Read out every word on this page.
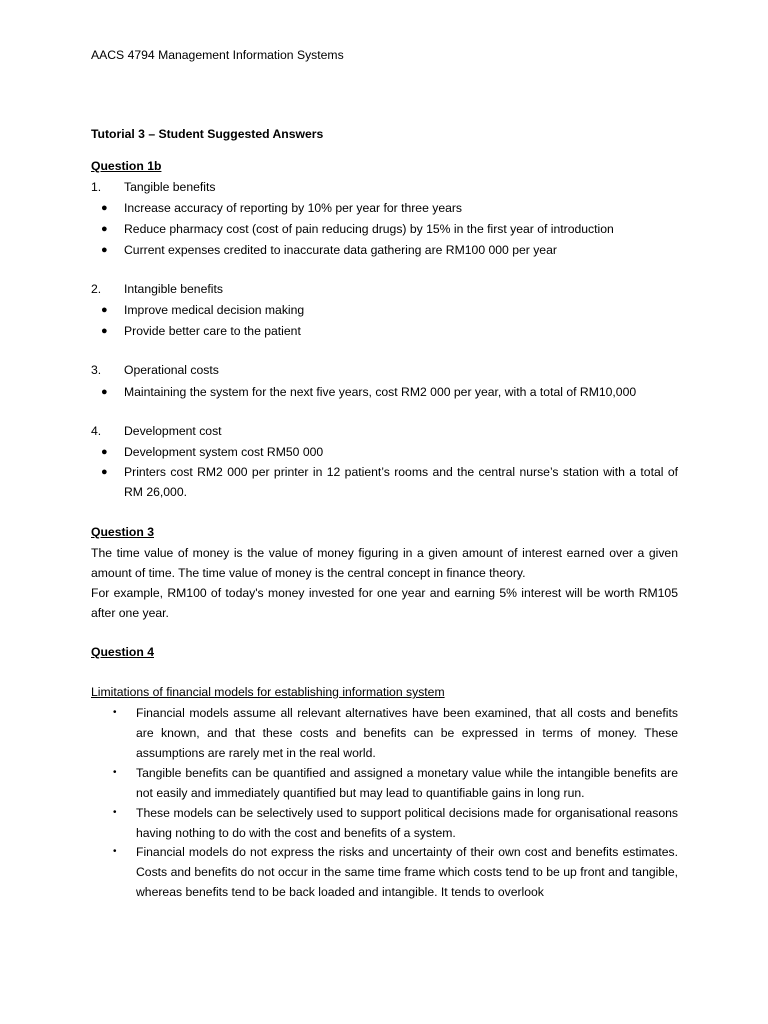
AACS 4794 Management Information Systems
Tutorial 3 – Student Suggested Answers
Question 1b
1. Tangible benefits
● Increase accuracy of reporting by 10% per year for three years
● Reduce pharmacy cost (cost of pain reducing drugs) by 15% in the first year of introduction
● Current expenses credited to inaccurate data gathering are RM100 000 per year
2. Intangible benefits
● Improve medical decision making
● Provide better care to the patient
3. Operational costs
● Maintaining the system for the next five years, cost RM2 000 per year, with a total of RM10,000
4. Development cost
● Development system cost RM50 000
● Printers cost RM2 000 per printer in 12 patient’s rooms and the central nurse’s station with a total of RM 26,000.
Question 3
The time value of money is the value of money figuring in a given amount of interest earned over a given amount of time. The time value of money is the central concept in finance theory.
For example, RM100 of today's money invested for one year and earning 5% interest will be worth RM105 after one year.
Question 4
Limitations of financial models for establishing information system
• Financial models assume all relevant alternatives have been examined, that all costs and benefits are known, and that these costs and benefits can be expressed in terms of money. These assumptions are rarely met in the real world.
• Tangible benefits can be quantified and assigned a monetary value while the intangible benefits are not easily and immediately quantified but may lead to quantifiable gains in long run.
• These models can be selectively used to support political decisions made for organisational reasons having nothing to do with the cost and benefits of a system.
• Financial models do not express the risks and uncertainty of their own cost and benefits estimates. Costs and benefits do not occur in the same time frame which costs tend to be up front and tangible, whereas benefits tend to be back loaded and intangible. It tends to overlook
